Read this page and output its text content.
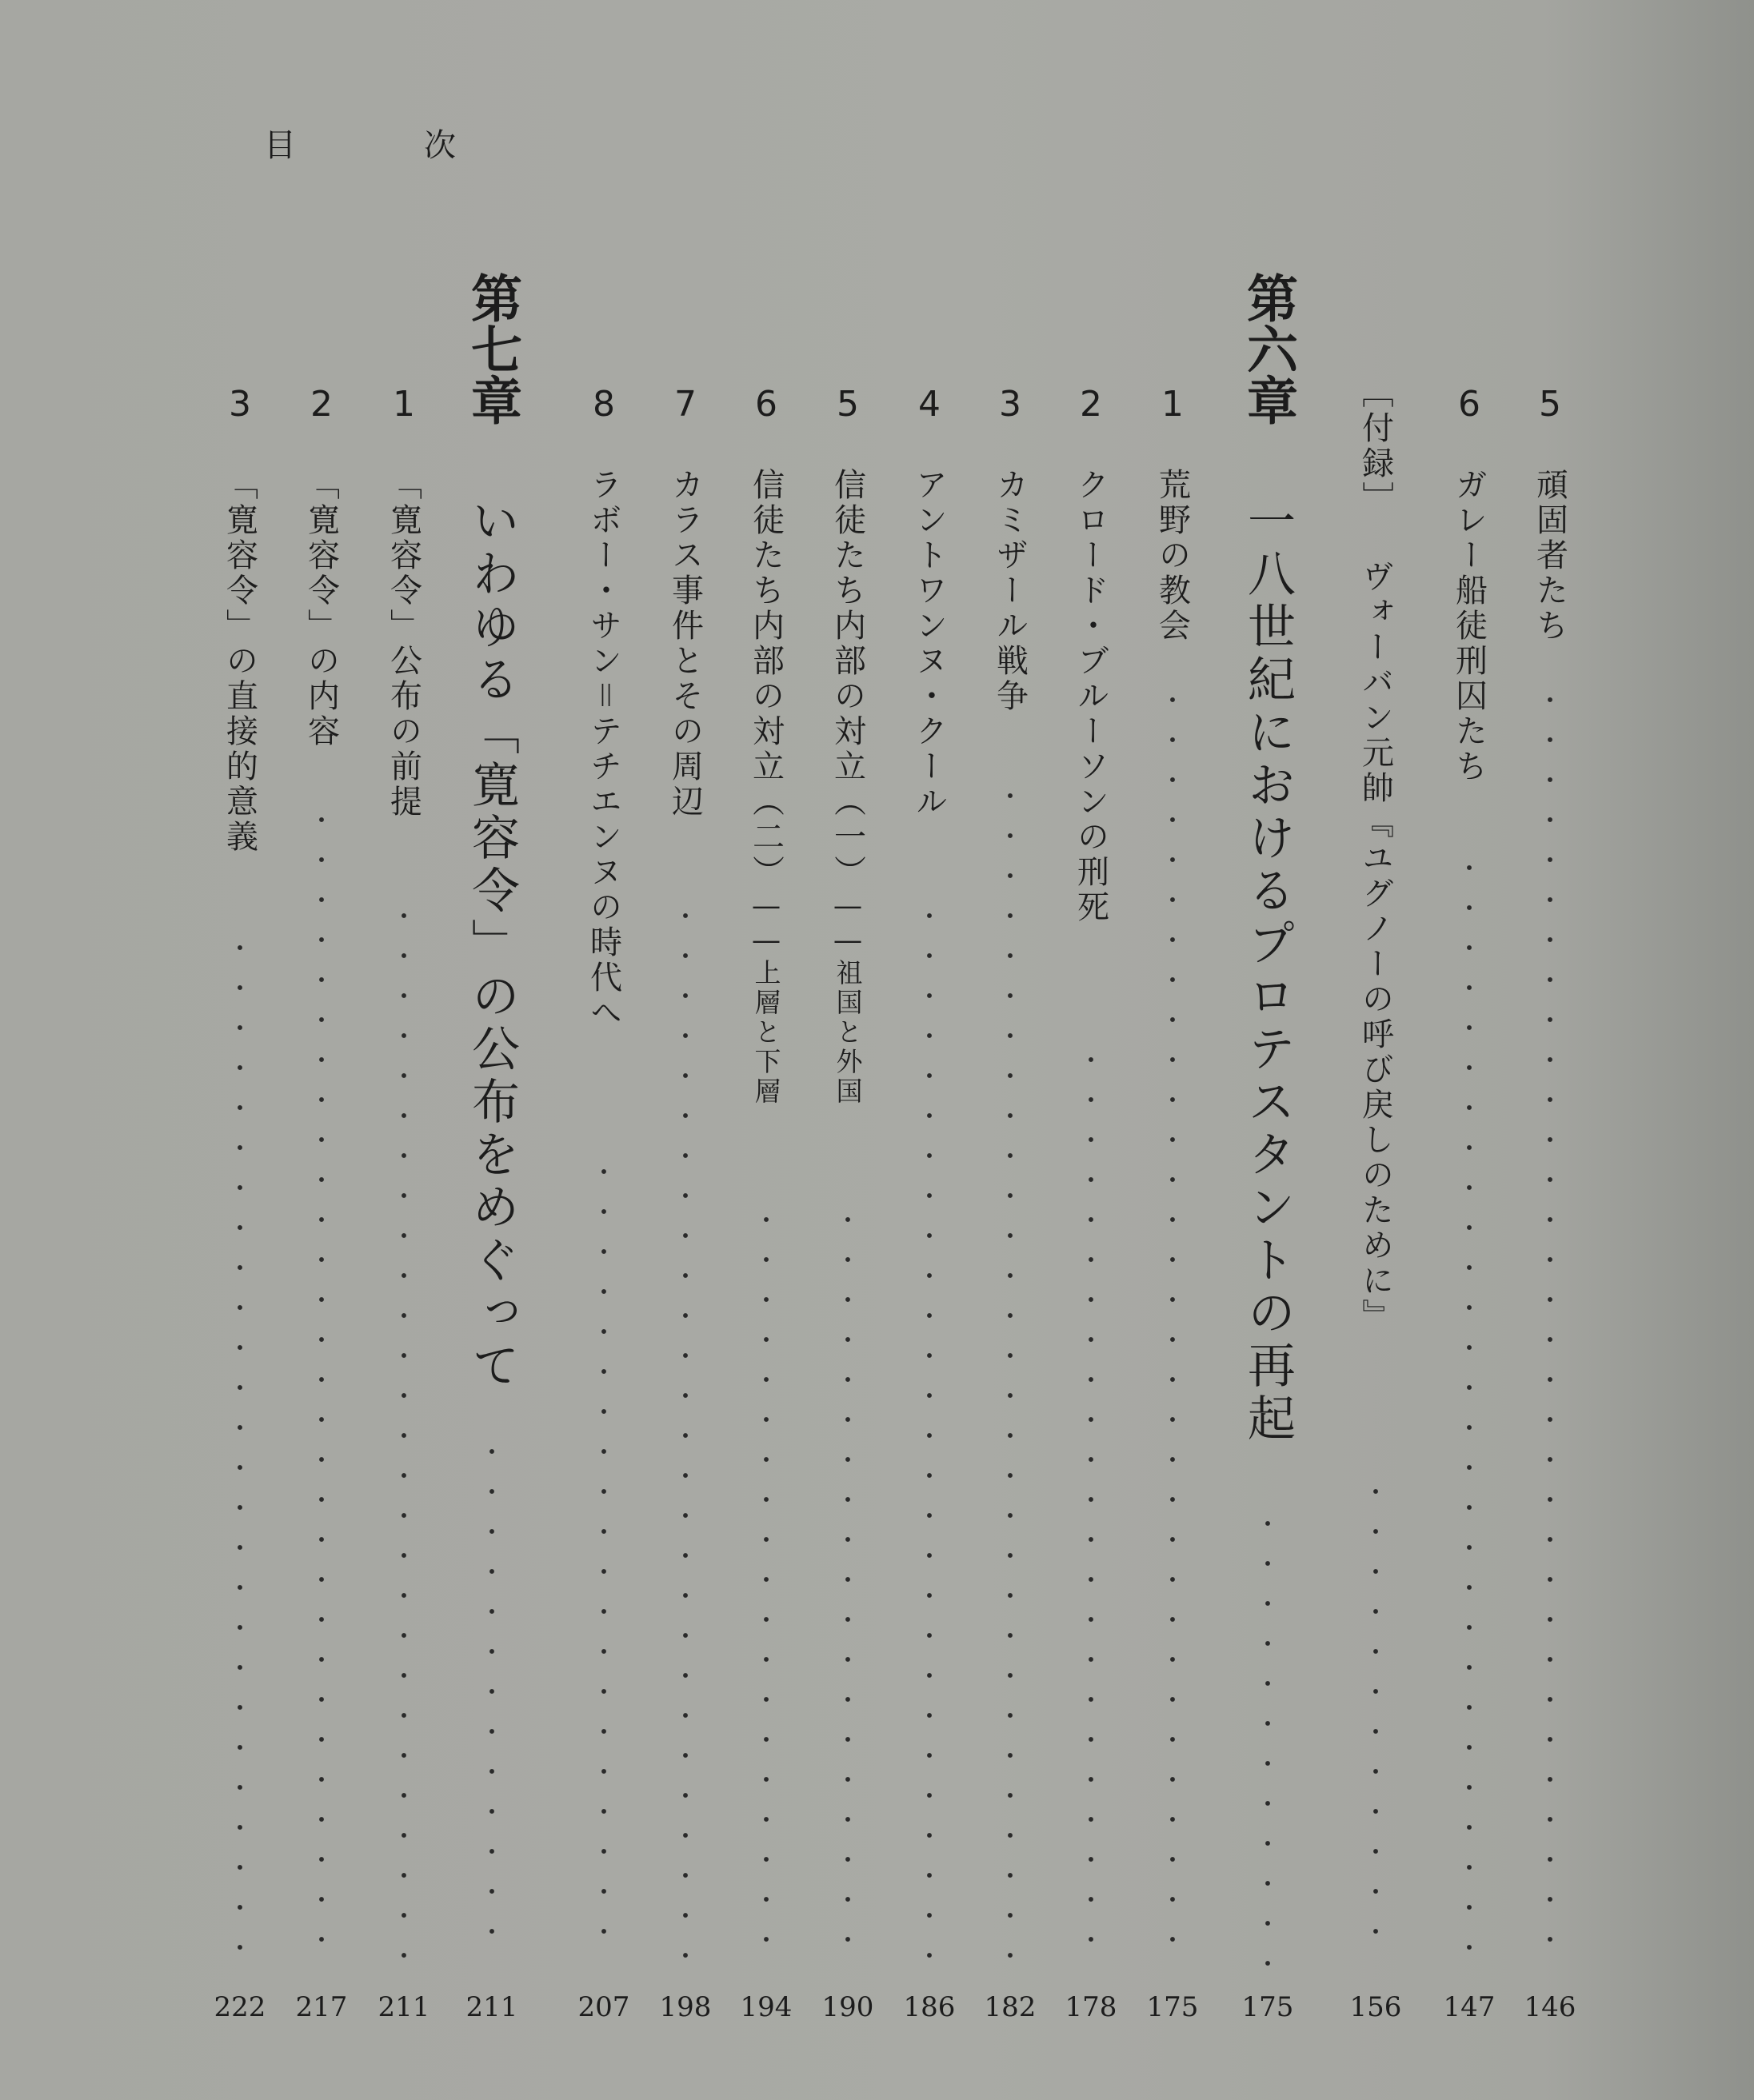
目　次
5
頑固者たち
146
6
ガレー船徒刑囚たち
147
［付録］
ヴォーバン元帥『ユグノーの呼び戻しのために』
156
第六章
一八世紀におけるプロテスタントの再起
175
1
荒野の教会
175
2
クロード・ブルーソンの刑死
178
3
カミザール戦争
182
4
アントワンヌ・クール
186
5
信徒たち内部の対立（一）――祖国と外国
190
6
信徒たち内部の対立（二）――上層と下層
194
7
カラス事件とその周辺
198
8
ラボー・サン＝テチエンヌの時代へ
207
第七章
いわゆる「寛容令」の公布をめぐって
211
1
「寛容令」公布の前提
211
2
「寛容令」の内容
217
3
「寛容令」の直接的意義
222
